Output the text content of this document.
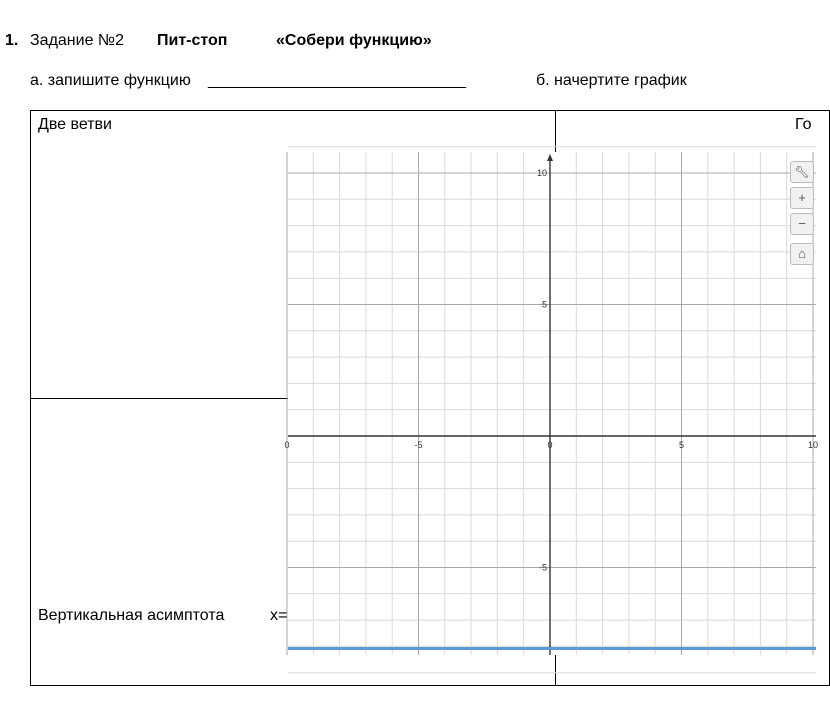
1. Задание №2 Пит-стоп	«Собери функцию»
а. запишите функцию _____________________________	б. начертите график
Две ветви	Го
Вертикальная асимптота	x=
0	-5	0	5	10
10
5
-5
🔧︎
+
−
⌂
